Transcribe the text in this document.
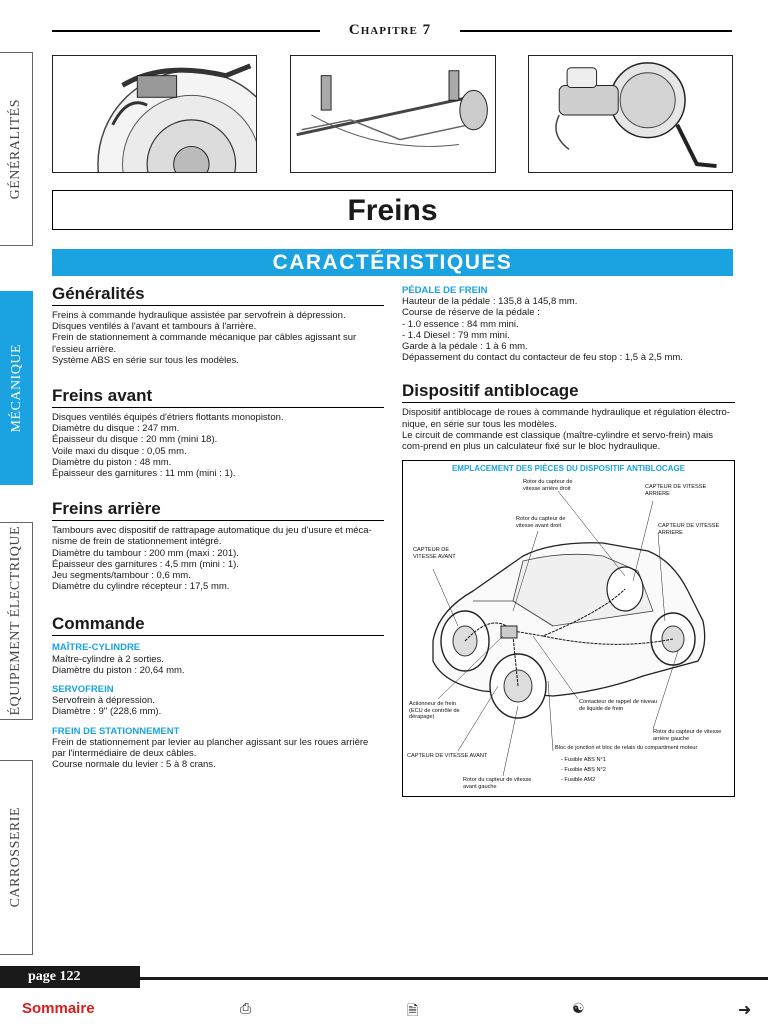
Chapitre 7
GÉNÉRALITÉS
MÉCANIQUE
ÉQUIPEMENT ÉLECTRIQUE
CARROSSERIE
Freins
CARACTÉRISTIQUES
Généralités
Freins à commande hydraulique assistée par servofrein à dépression.
Disques ventilés à l'avant et tambours à l'arrière.
Frein de stationnement à commande mécanique par câbles agissant sur l'essieu arrière.
Système ABS en série sur tous les modèles.
Freins avant
Disques ventilés équipés d'étriers flottants monopiston.
Diamètre du disque : 247 mm.
Épaisseur du disque : 20 mm (mini 18).
Voile maxi du disque : 0,05 mm.
Diamètre du piston : 48 mm.
Épaisseur des garnitures : 11 mm (mini : 1).
Freins arrière
Tambours avec dispositif de rattrapage automatique du jeu d'usure et méca-nisme de frein de stationnement intégré.
Diamètre du tambour : 200 mm (maxi : 201).
Épaisseur des garnitures : 4,5 mm (mini : 1).
Jeu segments/tambour : 0,6 mm.
Diamètre du cylindre récepteur : 17,5 mm.
Commande
MAÎTRE-CYLINDRE
Maître-cylindre à 2 sorties.
Diamètre du piston : 20,64 mm.
SERVOFREIN
Servofrein à dépression.
Diamètre : 9'' (228,6 mm).
FREIN DE STATIONNEMENT
Frein de stationnement par levier au plancher agissant sur les roues arrière par l'intermédiaire de deux câbles.
Course normale du levier : 5 à 8 crans.
PÉDALE DE FREIN
Hauteur de la pédale : 135,8 à 145,8 mm.
Course de réserve de la pédale :
- 1.0 essence : 84 mm mini.
- 1.4 Diesel : 79 mm mini.
Garde à la pédale : 1 à 6 mm.
Dépassement du contact du contacteur de feu stop : 1,5 à 2,5 mm.
Dispositif antiblocage
Dispositif antiblocage de roues à commande hydraulique et régulation électro-nique, en série sur tous les modèles.
Le circuit de commande est classique (maître-cylindre et servo-frein) mais com-prend en plus un calculateur fixé sur le bloc hydraulique.
EMPLACEMENT DES PIÈCES DU DISPOSITIF ANTIBLOCAGE
Rotor du capteur de vitesse arrière droit	CAPTEUR DE VITESSE ARRIERE
Rotor du capteur de vitesse avant droit	CAPTEUR DE VITESSE ARRIERE
CAPTEUR DE VITESSE AVANT
Actionneur de frein (ECU de contrôle de dérapage)
Contacteur de rappel de niveau de liquide de frein
Rotor du capteur de vitesse arrière gauche
CAPTEUR DE VITESSE AVANT
Bloc de jonction et bloc de relais du compartiment moteur
- Fusible ABS N°1
- Fusible ABS N°2
- Fusible AM2
Rotor du capteur de vitesse avant gauche
page 122
Sommaire	⎙	🗎	☯	➜
